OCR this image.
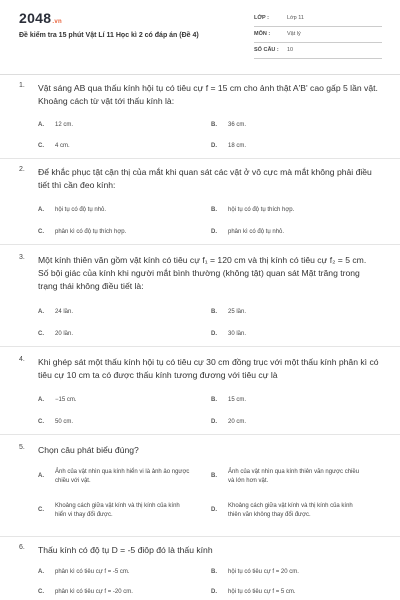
2048.vn
Đề kiểm tra 15 phút Vật Lí 11 Học kì 2 có đáp án (Đề 4)
LỚP :	Lớp 11
MÔN :	Vật lý
SỐ CÂU : 10
1. Vật sáng AB qua thấu kính hội tụ có tiêu cự f = 15 cm cho ảnh thật A'B' cao gấp 5 lần vật. Khoảng cách từ vật tới thấu kính là:
A. 12 cm.	B. 36 cm.
C. 4 cm.	D. 18 cm.
2. Để khắc phục tật cận thị của mắt khi quan sát các vật ở vô cực mà mắt không phải điều tiết thì cần đeo kính:
A. hội tụ có độ tụ nhỏ.	B. hội tụ có độ tụ thích hợp.
C. phân kì có độ tụ thích hợp.	D. phân kì có độ tụ nhỏ.
3. Một kính thiên văn gồm vật kính có tiêu cự f₁ = 120 cm và thị kính có tiêu cự f₂ = 5 cm. Số bội giác của kính khi người mắt bình thường (không tật) quan sát Mặt trăng trong trạng thái không điều tiết là:
A. 24 lần.	B. 25 lần.
C. 20 lần.	D. 30 lần.
4. Khi ghép sát một thấu kính hội tụ có tiêu cự 30 cm đồng trục với một thấu kính phân kì có tiêu cự 10 cm ta có được thấu kính tương đương với tiêu cự là
A. −15 cm.	B. 15 cm.
C. 50 cm.	D. 20 cm.
5. Chọn câu phát biểu đúng?
A.
Ảnh của vật nhìn qua kính hiển vi là ảnh ảo ngược chiều với vật.
B.
Ảnh của vật nhìn qua kính thiên văn ngược chiều và lớn hơn vật.
C.
Khoảng cách giữa vật kính và thị kính của kính hiển vi thay đổi được.
D.
Khoảng cách giữa vật kính và thị kính của kính thiên văn không thay đổi được.
6. Thấu kính có độ tụ D = -5 điôp đó là thấu kính
A. phân kì có tiêu cự f = -5 cm.	B. hội tụ có tiêu cự f = 20 cm.
C. phân kì có tiêu cự f = -20 cm.	D. hội tụ có tiêu cự f = 5 cm.
